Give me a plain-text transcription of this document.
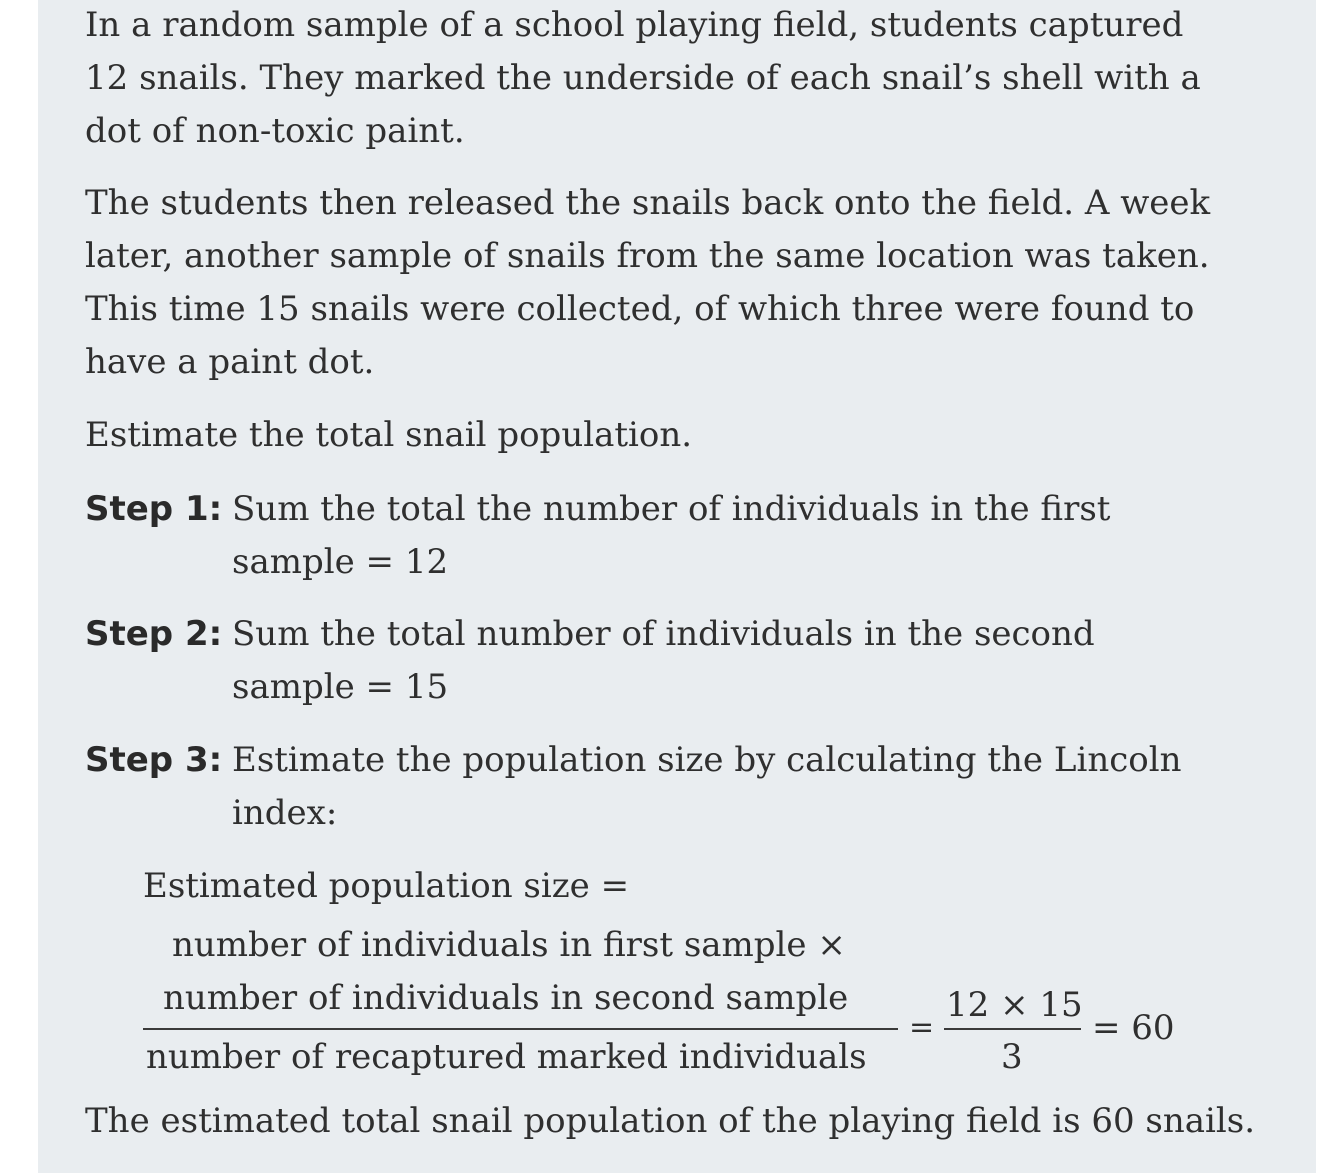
In a random sample of a school playing field, students captured
12 snails. They marked the underside of each snail’s shell with a
dot of non-toxic paint.
The students then released the snails back onto the field. A week
later, another sample of snails from the same location was taken.
This time 15 snails were collected, of which three were found to
have a paint dot.
Estimate the total snail population.
Step 1: Sum the total the number of individuals in the first
sample = 12
Step 2: Sum the total number of individuals in the second
sample = 15
Step 3: Estimate the population size by calculating the Lincoln
index:
Estimated population size =
number of individuals in first sample ×
number of individuals in second sample
number of recaptured marked individuals
=
12 × 15
3
= 60
The estimated total snail population of the playing field is 60 snails.
